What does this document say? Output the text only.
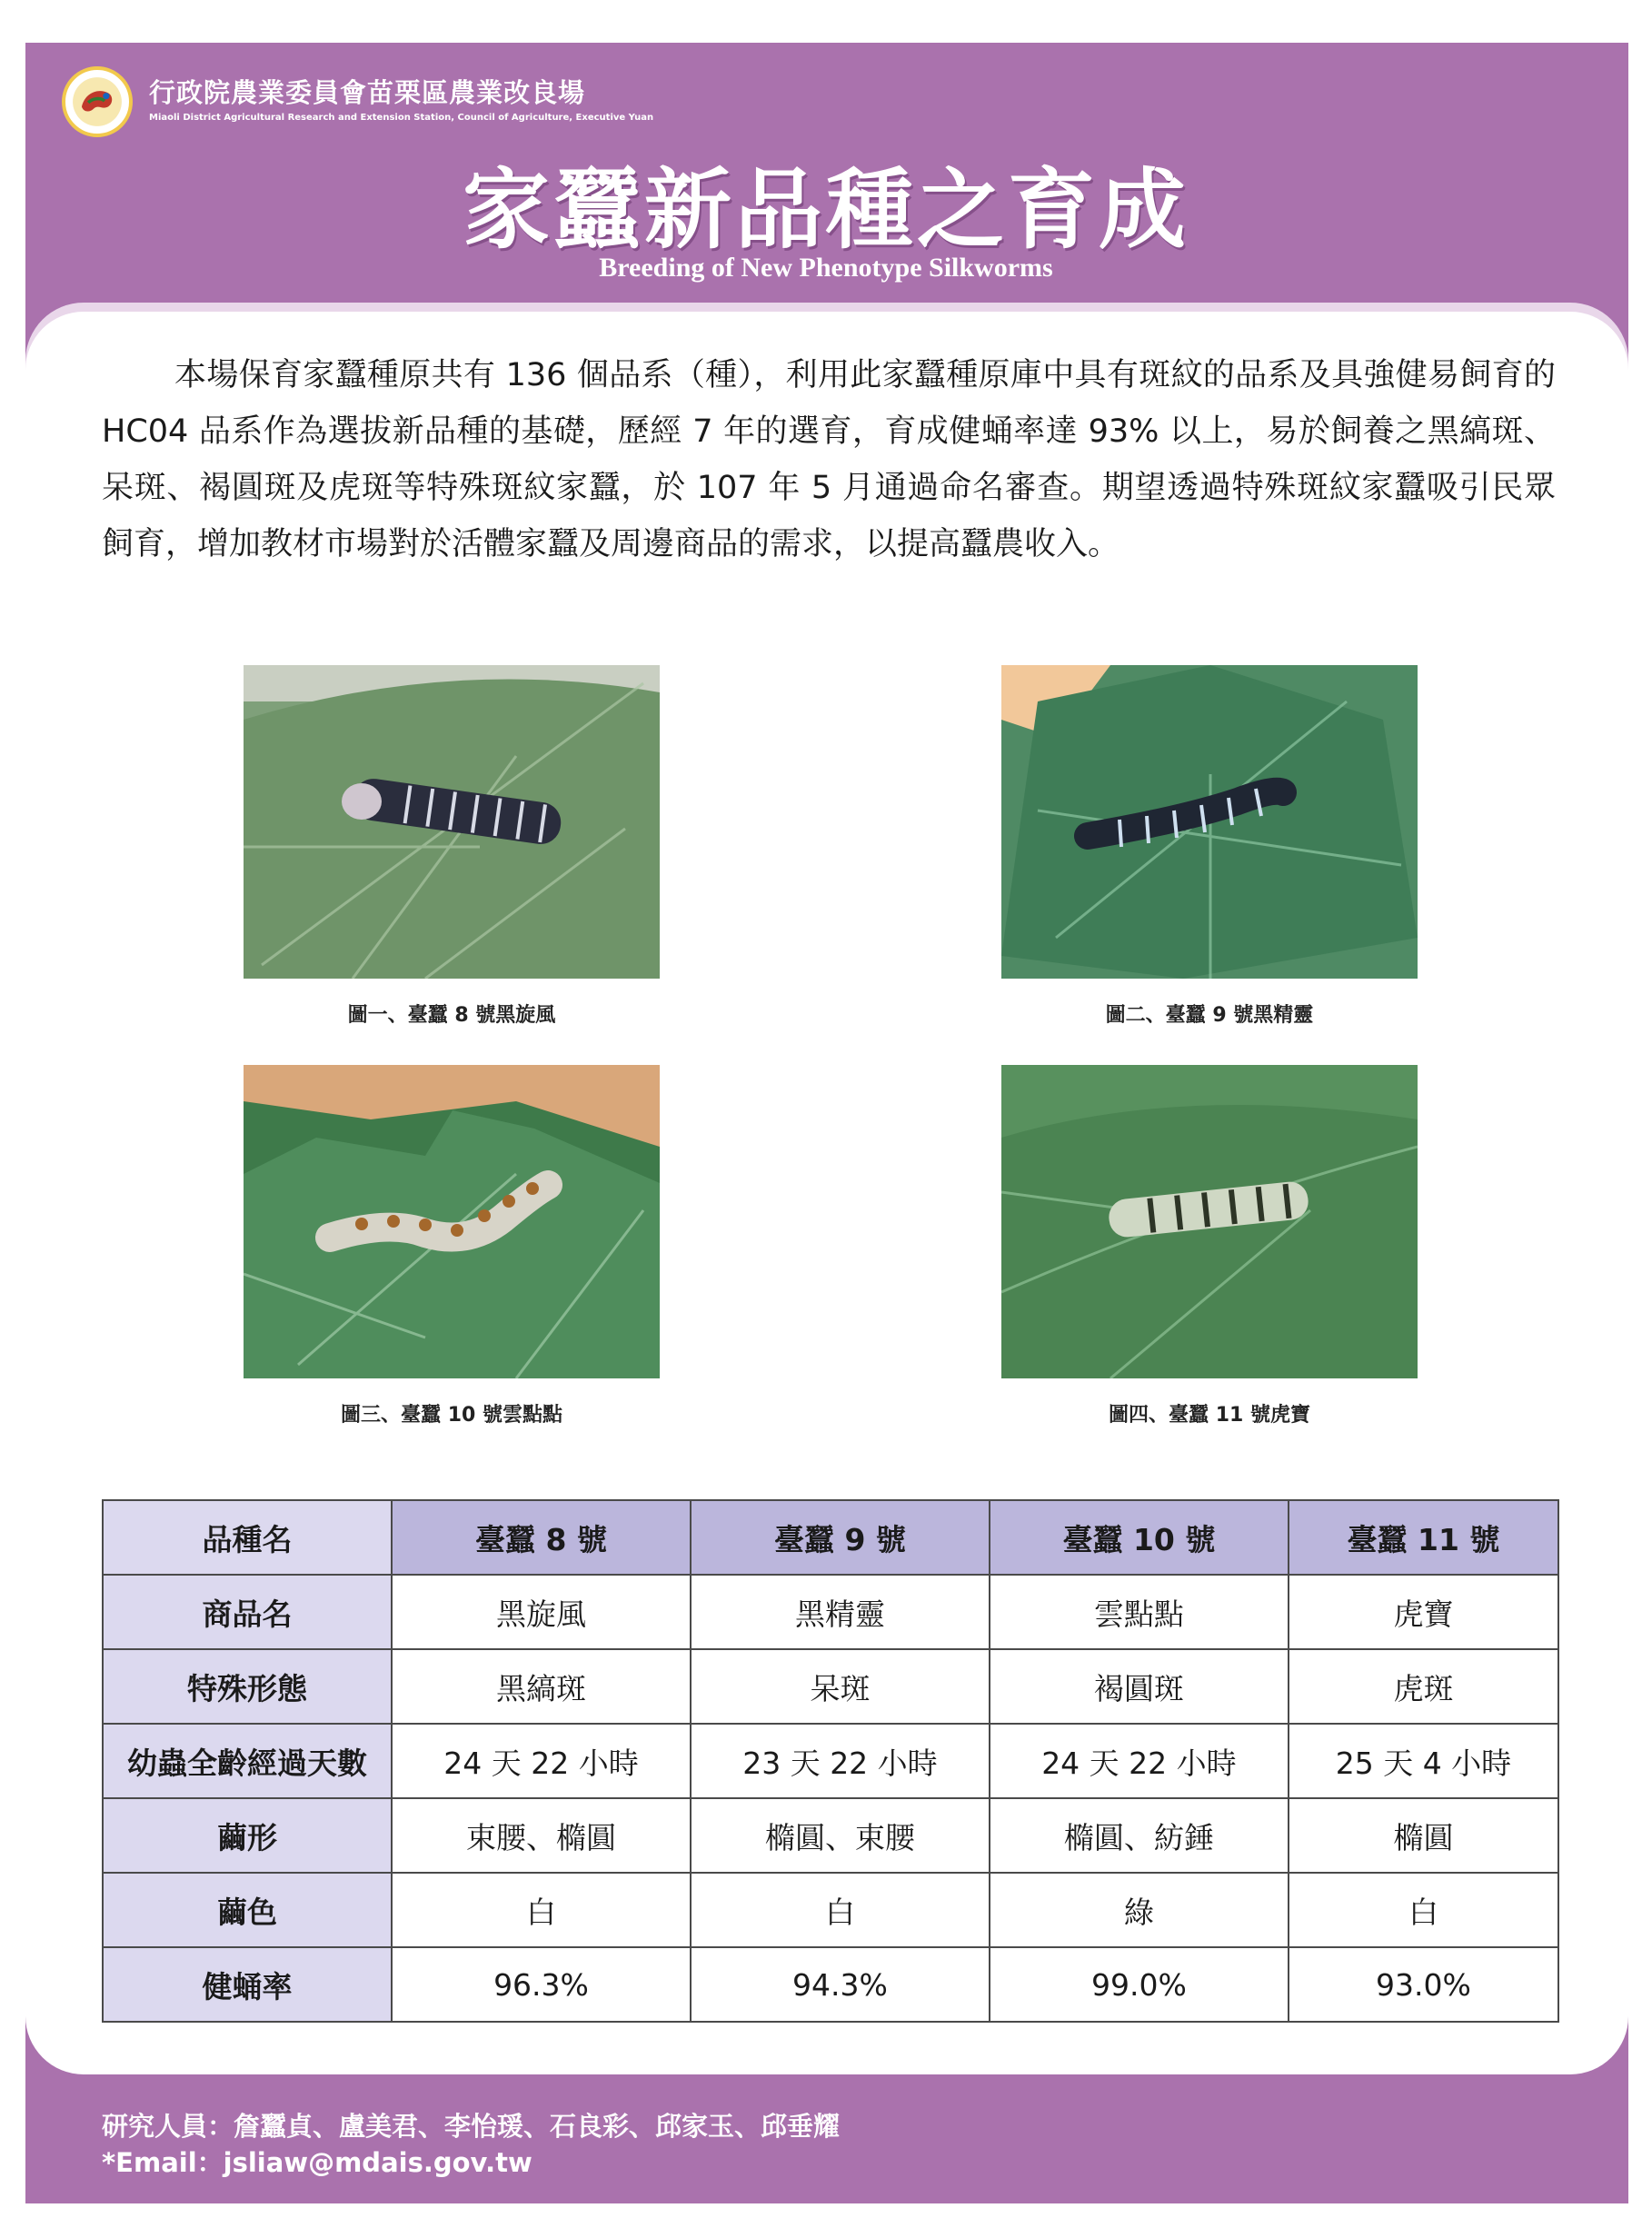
行政院農業委員會苗栗區農業改良場
Miaoli District Agricultural Research and Extension Station, Council of Agriculture, Executive Yuan
家蠶新品種之育成
Breeding of New Phenotype Silkworms

本場保育家蠶種原共有 136 個品系（種），利用此家蠶種原庫中具有斑紋的品系及具強健易飼育的 HC04 品系作為選拔新品種的基礎，歷經 7 年的選育，育成健蛹率達 93% 以上，易於飼養之黑縞斑、呆斑、褐圓斑及虎斑等特殊斑紋家蠶，於 107 年 5 月通過命名審查。期望透過特殊斑紋家蠶吸引民眾飼育，增加教材市場對於活體家蠶及周邊商品的需求，以提高蠶農收入。

圖一、臺蠶 8 號黑旋風	圖二、臺蠶 9 號黑精靈
圖三、臺蠶 10 號雲點點	圖四、臺蠶 11 號虎寶
品種名	臺蠶 8 號	臺蠶 9 號	臺蠶 10 號	臺蠶 11 號
商品名	黑旋風	黑精靈	雲點點	虎寶
特殊形態	黑縞斑	呆斑	褐圓斑	虎斑
幼蟲全齡經過天數	24 天 22 小時	23 天 22 小時	24 天 22 小時	25 天 4 小時
繭形	束腰、橢圓	橢圓、束腰	橢圓、紡錘	橢圓
繭色	白	白	綠	白
健蛹率	96.3%	94.3%	99.0%	93.0%
研究人員：詹蠶貞、盧美君、李怡瑗、石良彩、邱家玉、邱垂耀
*Email：jsliaw@mdais.gov.tw
